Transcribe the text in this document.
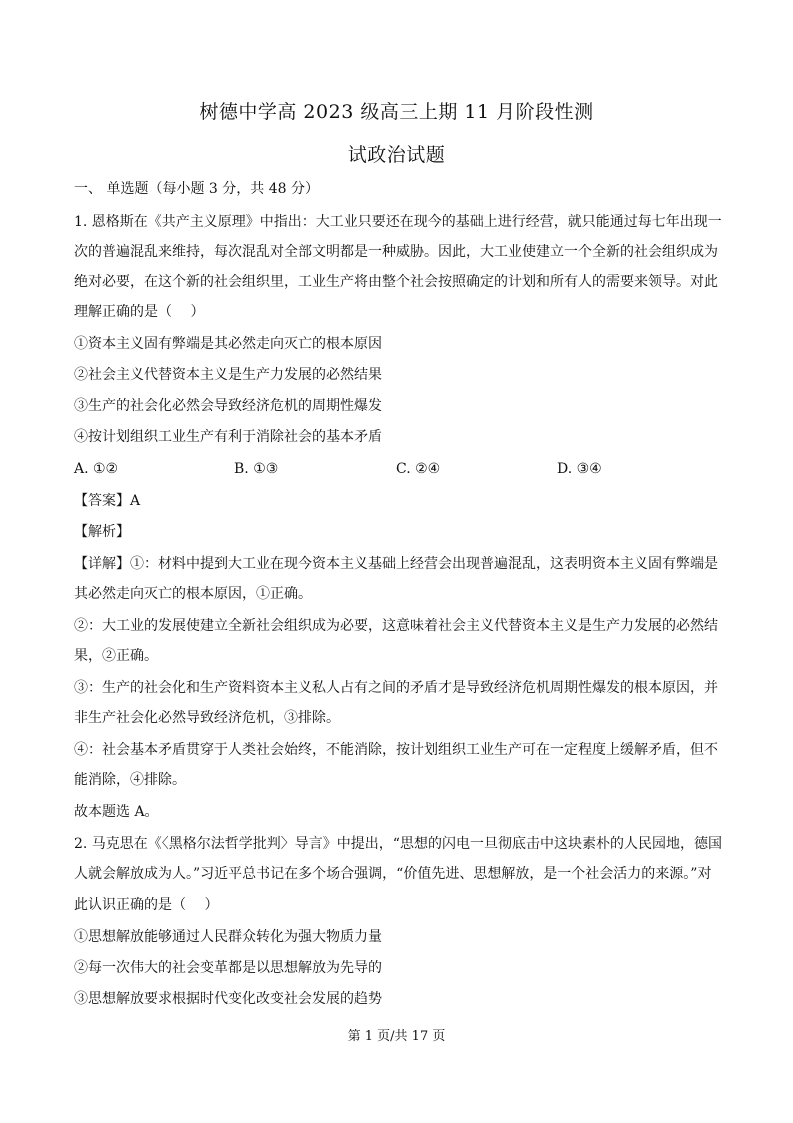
树德中学高 2023 级高三上期 11 月阶段性测
试政治试题
一、 单选题（每小题 3 分，共 48 分）
1. 恩格斯在《共产主义原理》中指出：大工业只要还在现今的基础上进行经营，就只能通过每七年出现一
次的普遍混乱来维持，每次混乱对全部文明都是一种威胁。因此，大工业使建立一个全新的社会组织成为
绝对必要，在这个新的社会组织里，工业生产将由整个社会按照确定的计划和所有人的需要来领导。对此
理解正确的是（　 ）
①资本主义固有弊端是其必然走向灭亡的根本原因
②社会主义代替资本主义是生产力发展的必然结果
③生产的社会化必然会导致经济危机的周期性爆发
④按计划组织工业生产有利于消除社会的基本矛盾
A. ①②	B. ①③	C. ②④	D. ③④
【答案】A
【解析】
【详解】①：材料中提到大工业在现今资本主义基础上经营会出现普遍混乱，这表明资本主义固有弊端是
其必然走向灭亡的根本原因，①正确。
②：大工业的发展使建立全新社会组织成为必要，这意味着社会主义代替资本主义是生产力发展的必然结
果，②正确。
③：生产的社会化和生产资料资本主义私人占有之间的矛盾才是导致经济危机周期性爆发的根本原因，并
非生产社会化必然导致经济危机，③排除。
④：社会基本矛盾贯穿于人类社会始终，不能消除，按计划组织工业生产可在一定程度上缓解矛盾，但不
能消除，④排除。
故本题选 A。
2. 马克思在《〈黑格尔法哲学批判〉导言》中提出，“思想的闪电一旦彻底击中这块素朴的人民园地，德国
人就会解放成为人。”习近平总书记在多个场合强调，“价值先进、思想解放，是一个社会活力的来源。”对
此认识正确的是（　 ）
①思想解放能够通过人民群众转化为强大物质力量
②每一次伟大的社会变革都是以思想解放为先导的
③思想解放要求根据时代变化改变社会发展的趋势
第 1 页/共 17 页
